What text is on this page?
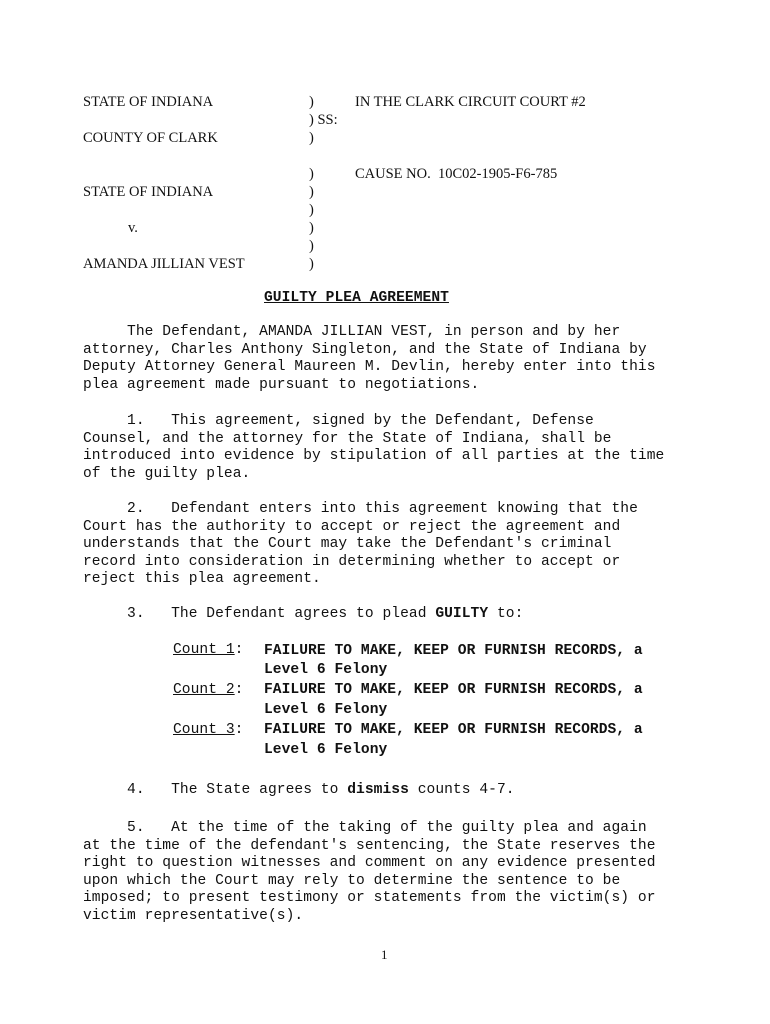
STATE OF INDIANA	)	IN THE CLARK CIRCUIT COURT #2
) SS:
COUNTY OF CLARK	)
)	CAUSE NO.  10C02-1905-F6-785
STATE OF INDIANA	)
)
v.	)
)
AMANDA JILLIAN VEST	)
GUILTY PLEA AGREEMENT
The Defendant, AMANDA JILLIAN VEST, in person and by her
attorney, Charles Anthony Singleton, and the State of Indiana by
Deputy Attorney General Maureen M. Devlin, hereby enter into this
plea agreement made pursuant to negotiations.
1.   This agreement, signed by the Defendant, Defense
Counsel, and the attorney for the State of Indiana, shall be
introduced into evidence by stipulation of all parties at the time
of the guilty plea.
2.   Defendant enters into this agreement knowing that the
Court has the authority to accept or reject the agreement and
understands that the Court may take the Defendant's criminal
record into consideration in determining whether to accept or
reject this plea agreement.
3.   The Defendant agrees to plead GUILTY to:
Count 1: FAILURE TO MAKE, KEEP OR FURNISH RECORDS, a
Level 6 Felony
Count 2: FAILURE TO MAKE, KEEP OR FURNISH RECORDS, a
Level 6 Felony
Count 3: FAILURE TO MAKE, KEEP OR FURNISH RECORDS, a
Level 6 Felony
4.   The State agrees to dismiss counts 4-7.
5.   At the time of the taking of the guilty plea and again
at the time of the defendant's sentencing, the State reserves the
right to question witnesses and comment on any evidence presented
upon which the Court may rely to determine the sentence to be
imposed; to present testimony or statements from the victim(s) or
victim representative(s).
1
